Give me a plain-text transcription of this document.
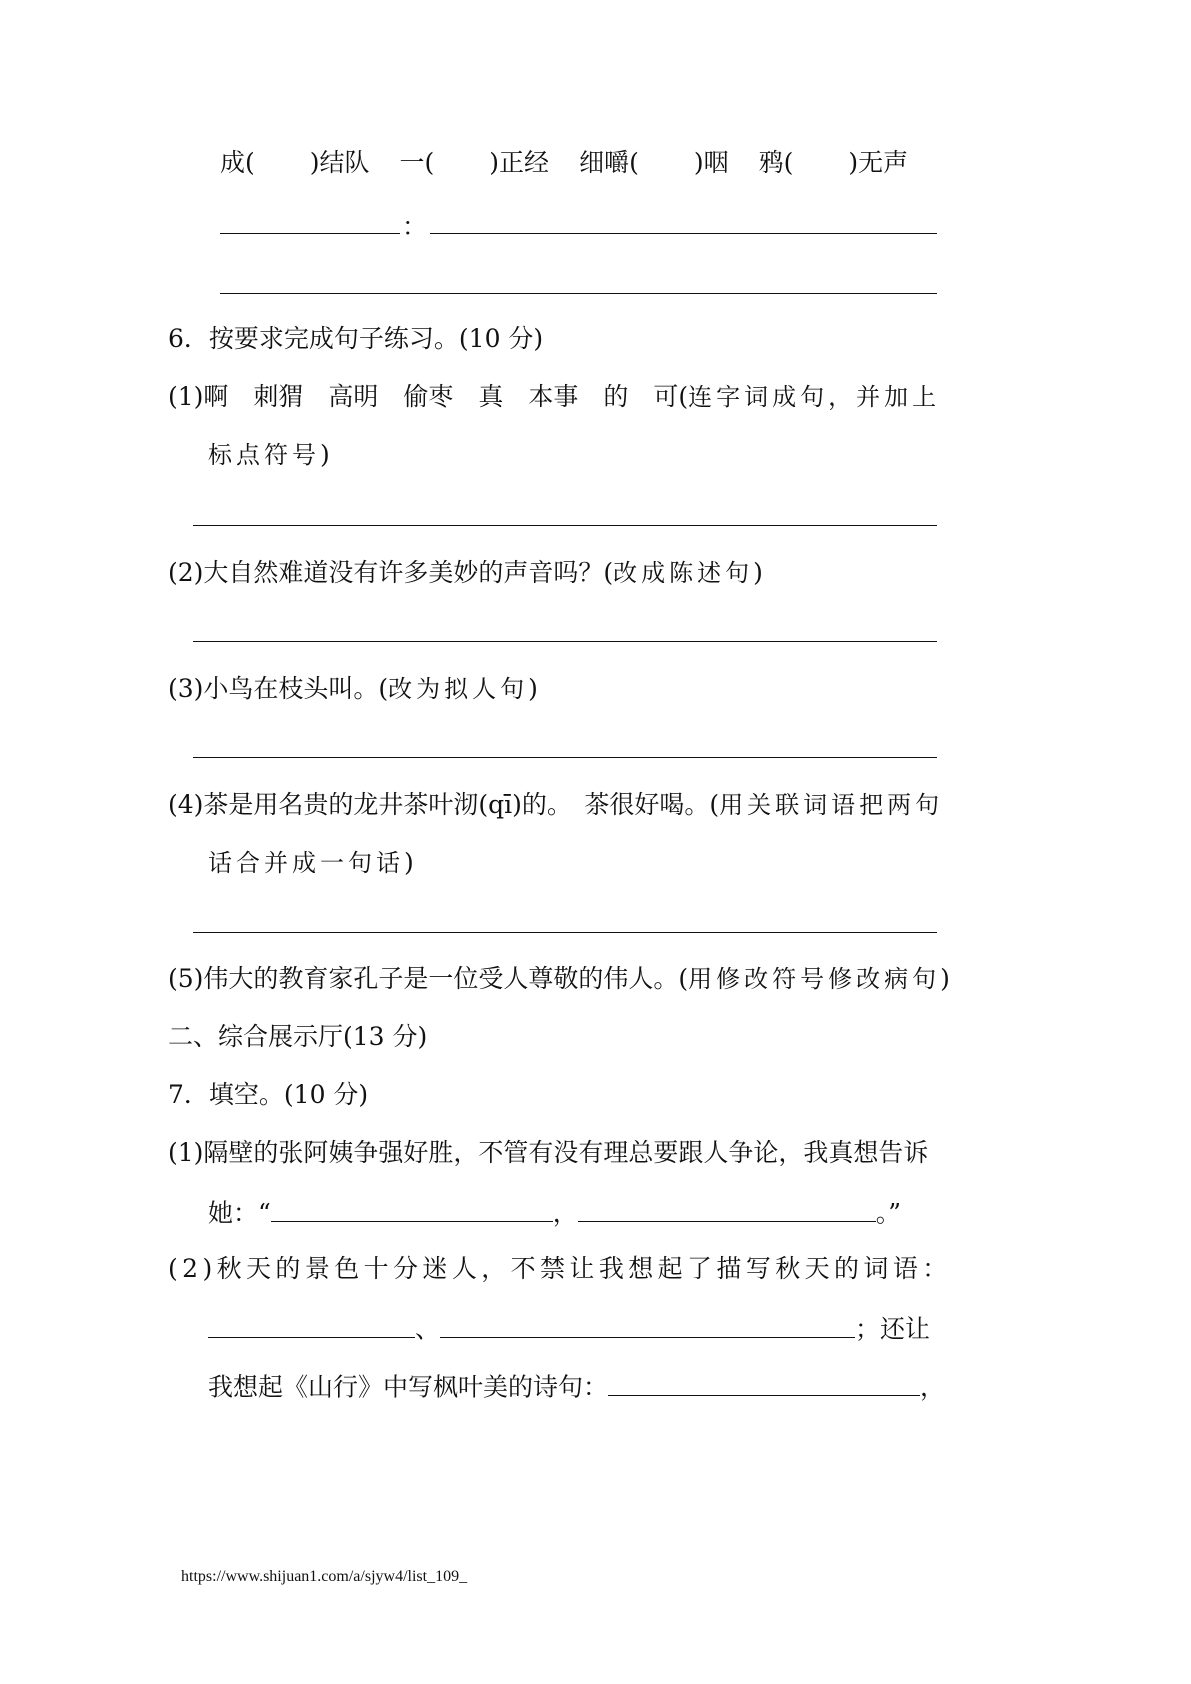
成( )结队 一( )正经 细嚼( )咽 鸦( )无声
：
6．按要求完成句子练习。(10 分)
(1)啊　刺猬　高明　偷枣　真　本事　的　可(连字词成句，并加上
标点符号)
(2)大自然难道没有许多美妙的声音吗？(改成陈述句)
(3)小鸟在枝头叫。(改为拟人句)
(4)茶是用名贵的龙井茶叶沏(qī)的。　茶很好喝。(用关联词语把两句
话合并成一句话)
(5)伟大的教育家孔子是一位受人尊敬的伟人。(用修改符号修改病句)
二、综合展示厅(13 分)
7．填空。(10 分)
(1)隔壁的张阿姨争强好胜，不管有没有理总要跟人争论，我真想告诉
她：“	，	。”
(2)秋天的景色十分迷人，不禁让我想起了描写秋天的词语：
、	；还让
我想起《山行》中写枫叶美的诗句：	，
https://www.shijuan1.com/a/sjyw4/list_109_
